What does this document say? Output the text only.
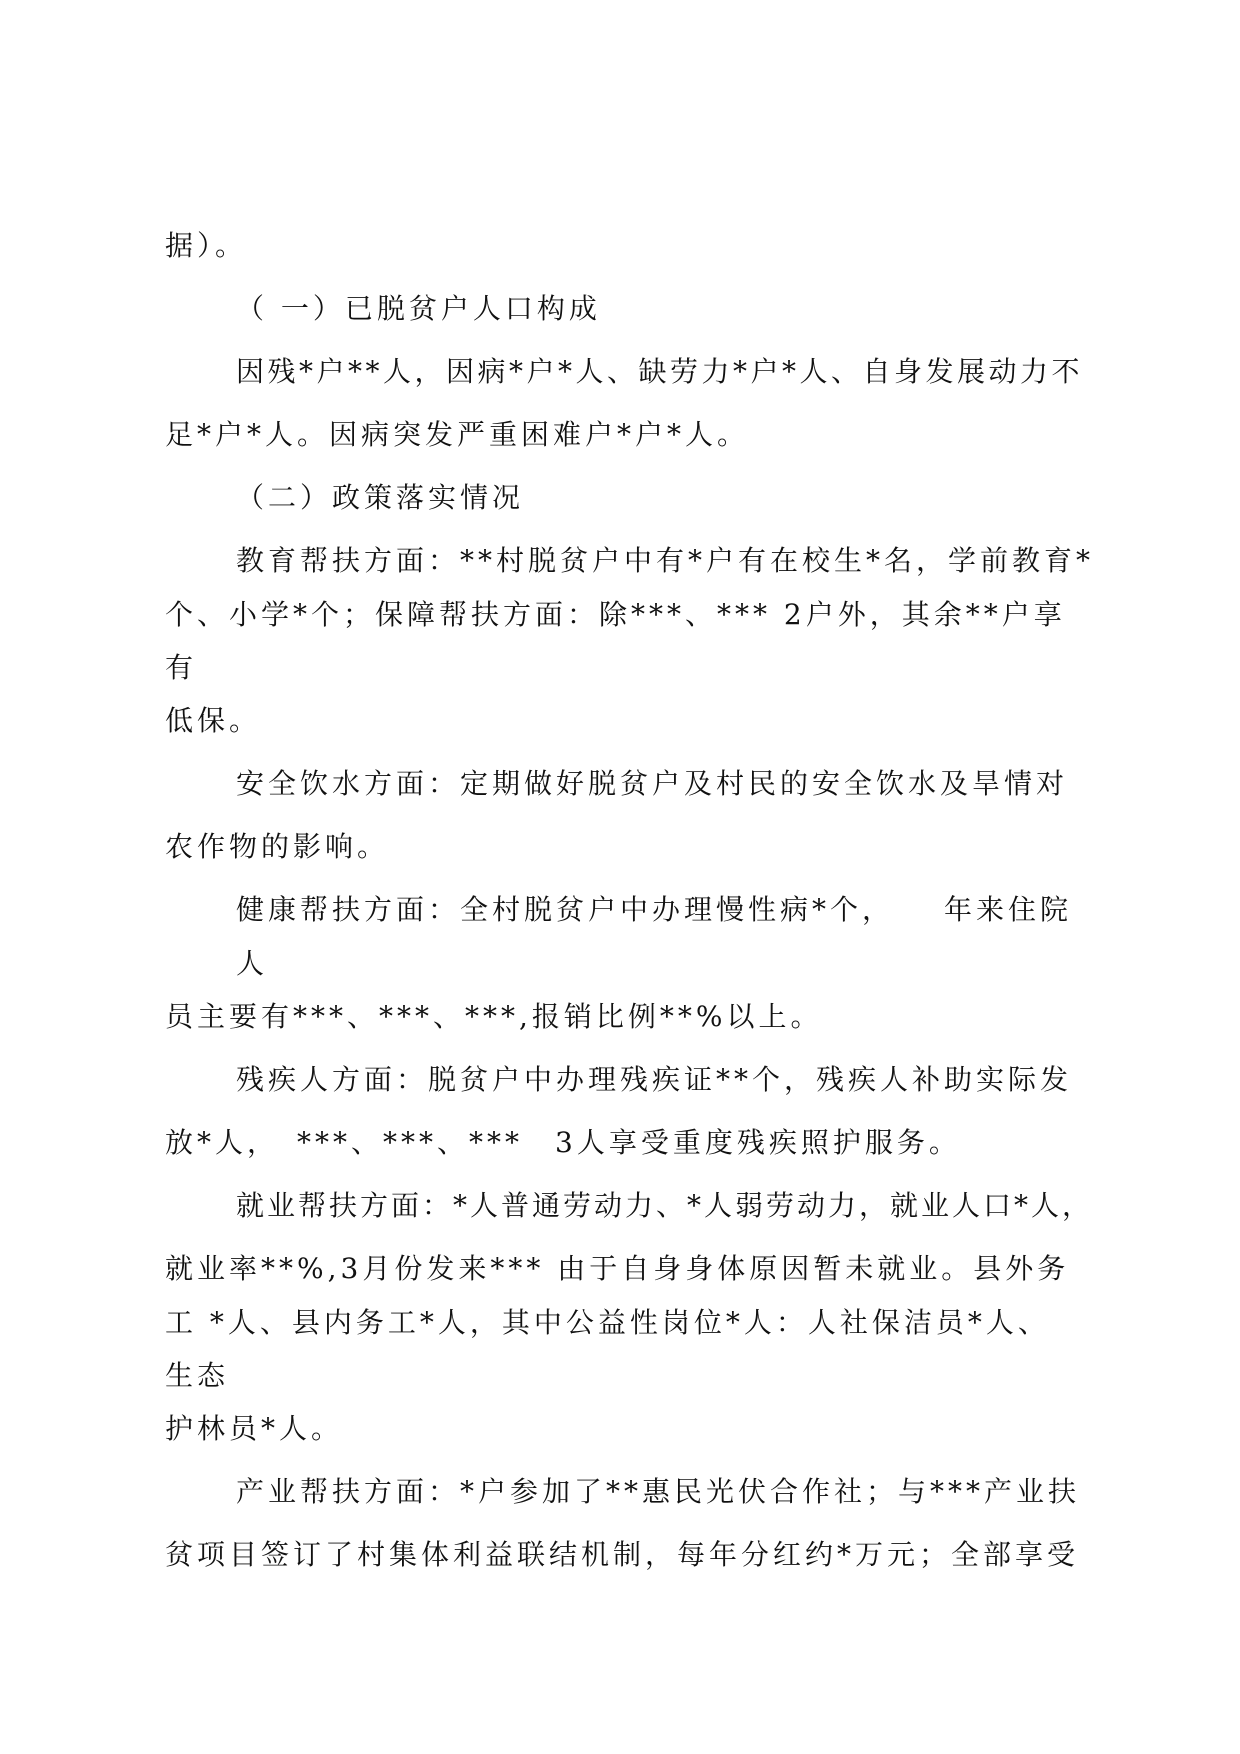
据）。
（ 一）已脱贫户人口构成
因残*户**人，因病*户*人、缺劳力*户*人、自身发展动力不
足*户*人。因病突发严重困难户*户*人。
（二）政策落实情况
教育帮扶方面：**村脱贫户中有*户有在校生*名，学前教育*
个、小学*个；保障帮扶方面：除***、*** 2户外，其余**户享
有
低保。
安全饮水方面：定期做好脱贫户及村民的安全饮水及旱情对
农作物的影响。
健康帮扶方面：全村脱贫户中办理慢性病*个，　　年来住院
人
员主要有***、***、***,报销比例**%以上。
残疾人方面：脱贫户中办理残疾证**个，残疾人补助实际发
放*人，　***、***、***　3人享受重度残疾照护服务。
就业帮扶方面：*人普通劳动力、*人弱劳动力，就业人口*人，
就业率**%,3月份发来*** 由于自身身体原因暂未就业。县外务
工 *人、县内务工*人，其中公益性岗位*人：人社保洁员*人、
生态
护林员*人。
产业帮扶方面：*户参加了**惠民光伏合作社；与***产业扶
贫项目签订了村集体利益联结机制，每年分红约*万元；全部享受
